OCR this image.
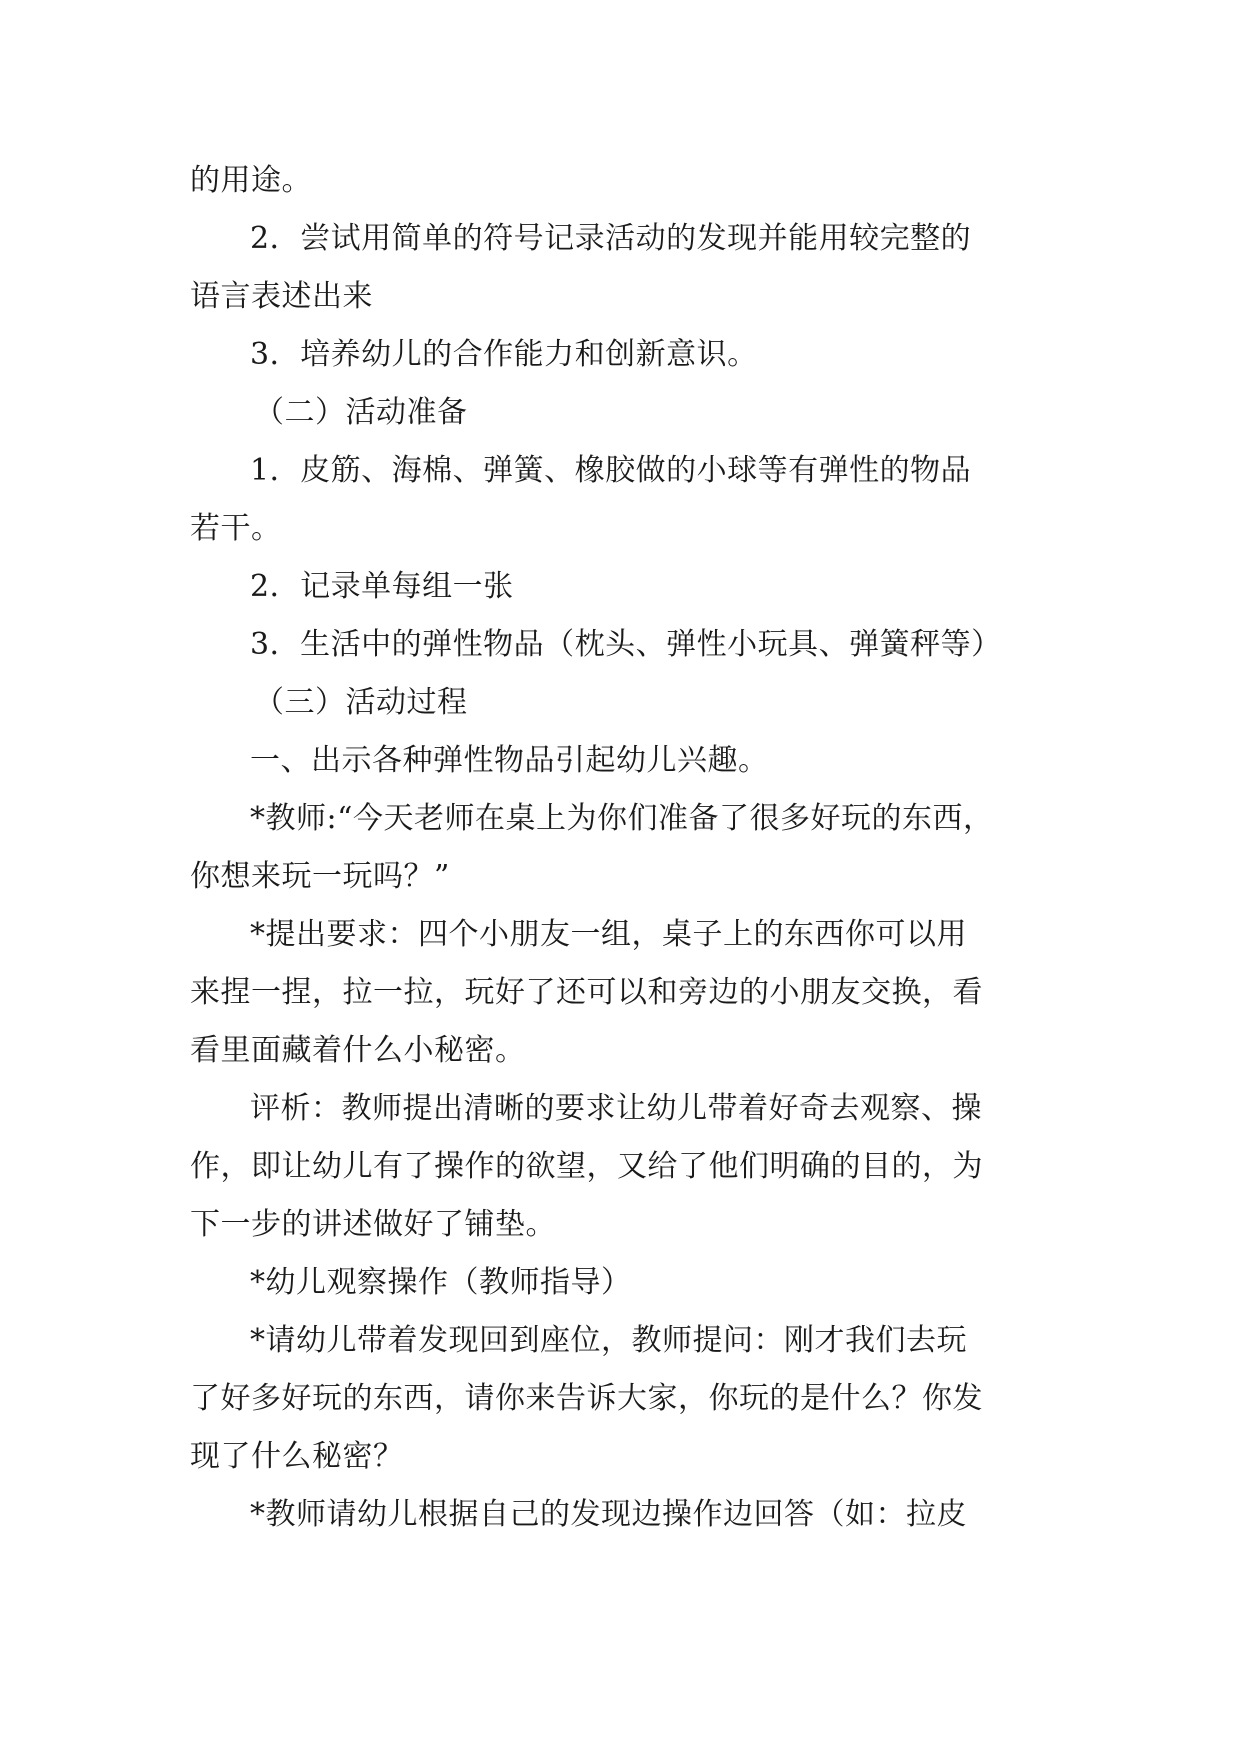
的用途。
2．尝试用简单的符号记录活动的发现并能用较完整的
语言表述出来
3．培养幼儿的合作能力和创新意识。
（二）活动准备
1．皮筋、海棉、弹簧、橡胶做的小球等有弹性的物品
若干。
2．记录单每组一张
3．生活中的弹性物品（枕头、弹性小玩具、弹簧秤等）
（三）活动过程
一、出示各种弹性物品引起幼儿兴趣。
*教师:“今天老师在桌上为你们准备了很多好玩的东西，
你想来玩一玩吗？”
*提出要求：四个小朋友一组，桌子上的东西你可以用
来捏一捏，拉一拉，玩好了还可以和旁边的小朋友交换，看
看里面藏着什么小秘密。
评析：教师提出清晰的要求让幼儿带着好奇去观察、操
作，即让幼儿有了操作的欲望，又给了他们明确的目的，为
下一步的讲述做好了铺垫。
*幼儿观察操作（教师指导）
*请幼儿带着发现回到座位，教师提问：刚才我们去玩
了好多好玩的东西，请你来告诉大家，你玩的是什么？你发
现了什么秘密？
*教师请幼儿根据自己的发现边操作边回答（如：拉皮
